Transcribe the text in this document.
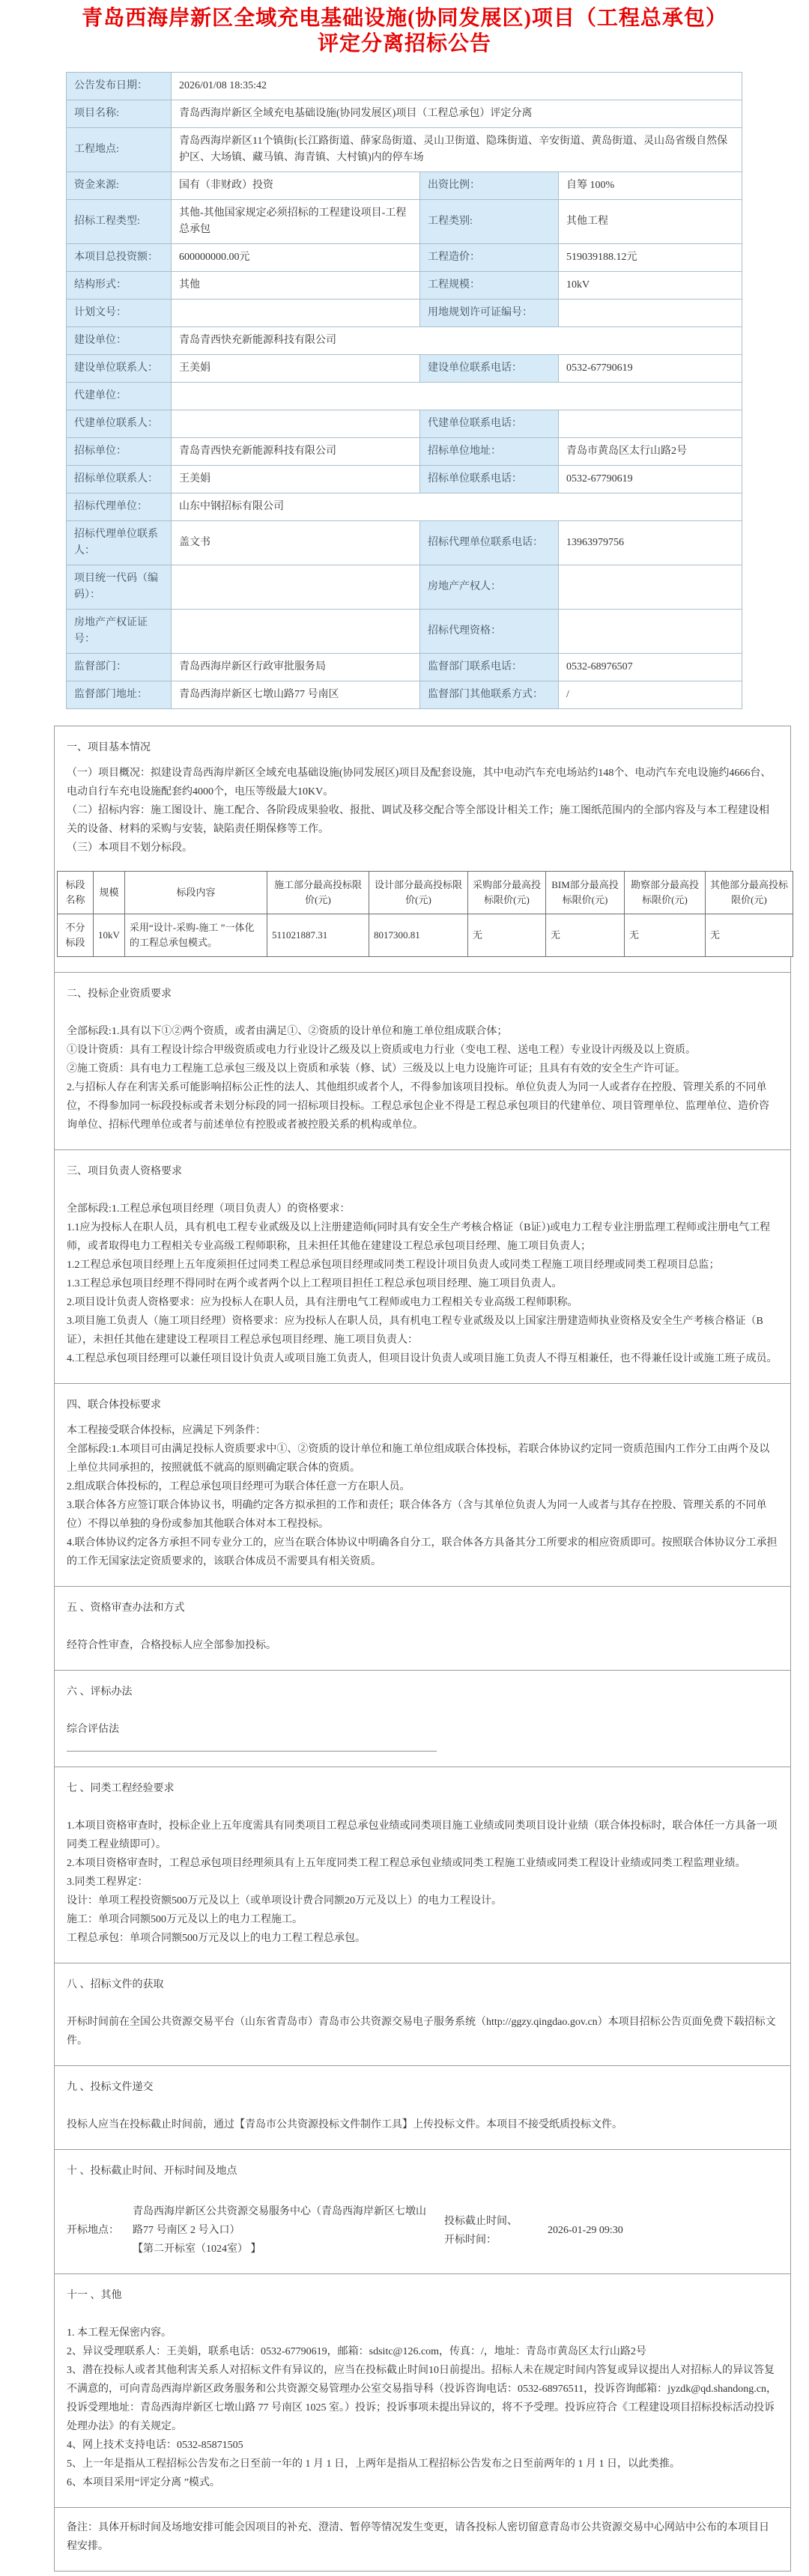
青岛西海岸新区全域充电基础设施(协同发展区)项目（工程总承包）
评定分离招标公告
公告发布日期：	2026/01/08 18:35:42		
项目名称:	青岛西海岸新区全域充电基础设施(协同发展区)项目（工程总承包）评定分离		
工程地点:	青岛西海岸新区11个镇街(长江路街道、薛家岛街道、灵山卫街道、隐珠街道、辛安街道、黄岛街道、灵山岛省级自然保护区、大场镇、藏马镇、海青镇、大村镇)内的停车场		
资金来源:	国有（非财政）投资	出资比例：	自筹 100%
招标工程类型:	其他-其他国家规定必须招标的工程建设项目-工程总承包	工程类别:	其他工程
本项目总投资额：	600000000.00元	工程造价：	519039188.12元
结构形式：	其他	工程规模：	10kV
计划文号：		用地规划许可证编号：	
建设单位：	青岛青西快充新能源科技有限公司		
建设单位联系人：	王美娟	建设单位联系电话：	0532-67790619
代建单位：			
代建单位联系人：		代建单位联系电话：	
招标单位：	青岛青西快充新能源科技有限公司	招标单位地址：	青岛市黄岛区太行山路2号
招标单位联系人：	王美娟	招标单位联系电话：	0532-67790619
招标代理单位：	山东中钢招标有限公司		
招标代理单位联系人：	盖文书	招标代理单位联系电话：	13963979756
项目统一代码（编码）：		房地产产权人：	
房地产产权证证号：		招标代理资格：	
监督部门：	青岛西海岸新区行政审批服务局	监督部门联系电话：	0532-68976507
监督部门地址：	青岛西海岸新区七墩山路77 号南区	监督部门其他联系方式：	/
一、项目基本情况

（一）项目概况：拟建设青岛西海岸新区全域充电基础设施(协同发展区)项目及配套设施，其中电动汽车充电场站约148个、电动汽车充电设施约4666台、电动自行车充电设施配套约4000个，电压等级最大10KV。

（二）招标内容：施工图设计、施工配合、各阶段成果验收、报批、调试及移交配合等全部设计相关工作；施工图纸范围内的全部内容及与本工程建设相关的设备、材料的采购与安装，缺陷责任期保修等工作。

（三）本项目不划分标段。

标段名称	规模	标段内容	施工部分最高投标限价(元)	设计部分最高投标限价(元)	采购部分最高投标限价(元)	BIM部分最高投标限价(元)	勘察部分最高投标限价(元)	其他部分最高投标限价(元)
不分标段	10kV	采用“设计-采购-施工 ”一体化的工程总承包模式。	511021887.31	8017300.81	无	无	无	无
二、投标企业资质要求

全部标段:1.具有以下①②两个资质，或者由满足①、②资质的设计单位和施工单位组成联合体；

①设计资质：具有工程设计综合甲级资质或电力行业设计乙级及以上资质或电力行业（变电工程、送电工程）专业设计丙级及以上资质。

②施工资质：具有电力工程施工总承包三级及以上资质和承装（修、试）三级及以上电力设施许可证；且具有有效的安全生产许可证。

2.与招标人存在利害关系可能影响招标公正性的法人、其他组织或者个人，不得参加该项目投标。单位负责人为同一人或者存在控股、管理关系的不同单位，不得参加同一标段投标或者未划分标段的同一招标项目投标。工程总承包企业不得是工程总承包项目的代建单位、项目管理单位、监理单位、造价咨询单位、招标代理单位或者与前述单位有控股或者被控股关系的机构或单位。

三、项目负责人资格要求

全部标段:1.工程总承包项目经理（项目负责人）的资格要求：

1.1应为投标人在职人员，具有机电工程专业贰级及以上注册建造师(同时具有安全生产考核合格证（B证）)或电力工程专业注册监理工程师或注册电气工程师，或者取得电力工程相关专业高级工程师职称，且未担任其他在建建设工程总承包项目经理、施工项目负责人；

1.2工程总承包项目经理上五年度须担任过同类工程总承包项目经理或同类工程设计项目负责人或同类工程施工项目经理或同类工程项目总监；

1.3工程总承包项目经理不得同时在两个或者两个以上工程项目担任工程总承包项目经理、施工项目负责人。

2.项目设计负责人资格要求：应为投标人在职人员，具有注册电气工程师或电力工程相关专业高级工程师职称。

3.项目施工负责人（施工项目经理）资格要求：应为投标人在职人员，具有机电工程专业贰级及以上国家注册建造师执业资格及安全生产考核合格证（B证），未担任其他在建建设工程项目工程总承包项目经理、施工项目负责人：

4.工程总承包项目经理可以兼任项目设计负责人或项目施工负责人，但项目设计负责人或项目施工负责人不得互相兼任，也不得兼任设计或施工班子成员。

四、联合体投标要求

本工程接受联合体投标，应满足下列条件：

全部标段:1.本项目可由满足投标人资质要求中①、②资质的设计单位和施工单位组成联合体投标，若联合体协议约定同一资质范围内工作分工由两个及以上单位共同承担的，按照就低不就高的原则确定联合体的资质。

2.组成联合体投标的，工程总承包项目经理可为联合体任意一方在职人员。

3.联合体各方应签订联合体协议书，明确约定各方拟承担的工作和责任；联合体各方（含与其单位负责人为同一人或者与其存在控股、管理关系的不同单位）不得以单独的身份或参加其他联合体对本工程投标。

4.联合体协议约定各方承担不同专业分工的，应当在联合体协议中明确各自分工，联合体各方具备其分工所要求的相应资质即可。按照联合体协议分工承担的工作无国家法定资质要求的，该联合体成员不需要具有相关资质。

五 、资格审查办法和方式

经符合性审查，合格投标人应全部参加投标。

六 、评标办法

综合评估法

七 、同类工程经验要求

1.本项目资格审查时，投标企业上五年度需具有同类项目工程总承包业绩或同类项目施工业绩或同类项目设计业绩（联合体投标时，联合体任一方具备一项同类工程业绩即可）。

2.本项目资格审查时，工程总承包项目经理须具有上五年度同类工程工程总承包业绩或同类工程施工业绩或同类工程设计业绩或同类工程监理业绩。

3.同类工程界定：

设计：单项工程投资额500万元及以上（或单项设计费合同额20万元及以上）的电力工程设计。

施工：单项合同额500万元及以上的电力工程施工。

工程总承包：单项合同额500万元及以上的电力工程工程总承包。

八 、招标文件的获取

开标时间前在全国公共资源交易平台（山东省青岛市）青岛市公共资源交易电子服务系统（http://ggzy.qingdao.gov.cn）本项目招标公告页面免费下载招标文件。

九 、投标文件递交

投标人应当在投标截止时间前，通过【青岛市公共资源投标文件制作工具】上传投标文件。本项目不接受纸质投标文件。

十 、投标截止时间、开标时间及地点
开标地点：
青岛西海岸新区公共资源交易服务中心（青岛西海岸新区七墩山路77 号南区 2 号入口）
【第二开标室（1024室） 】
投标截止时间、开标时间：
2026-01-29 09:30
十一 、其他

1. 本工程无保密内容。

2、异议受理联系人：王美娟，联系电话：0532-67790619，邮箱：sdsitc@126.com，传真：/，地址：青岛市黄岛区太行山路2号

3、潜在投标人或者其他利害关系人对招标文件有异议的，应当在投标截止时间10日前提出。招标人未在规定时间内答复或异议提出人对招标人的异议答复不满意的，可向青岛西海岸新区政务服务和公共资源交易管理办公室交易指导科（投诉咨询电话：0532-68976511，投诉咨询邮箱：jyzdk@qd.shandong.cn，投诉受理地址：青岛西海岸新区七墩山路 77 号南区 1025 室。）投诉；投诉事项未提出异议的，将不予受理。投诉应符合《工程建设项目招标投标活动投诉处理办法》的有关规定。

4、网上技术支持电话：0532-85871505

5、上一年是指从工程招标公告发布之日至前一年的 1 月 1 日，上两年是指从工程招标公告发布之日至前两年的 1 月 1 日，以此类推。

6、本项目采用“评定分离 ”模式。

备注：具体开标时间及场地安排可能会因项目的补充、澄清、暂停等情况发生变更，请各投标人密切留意青岛市公共资源交易中心网站中公布的本项目日程安排。
